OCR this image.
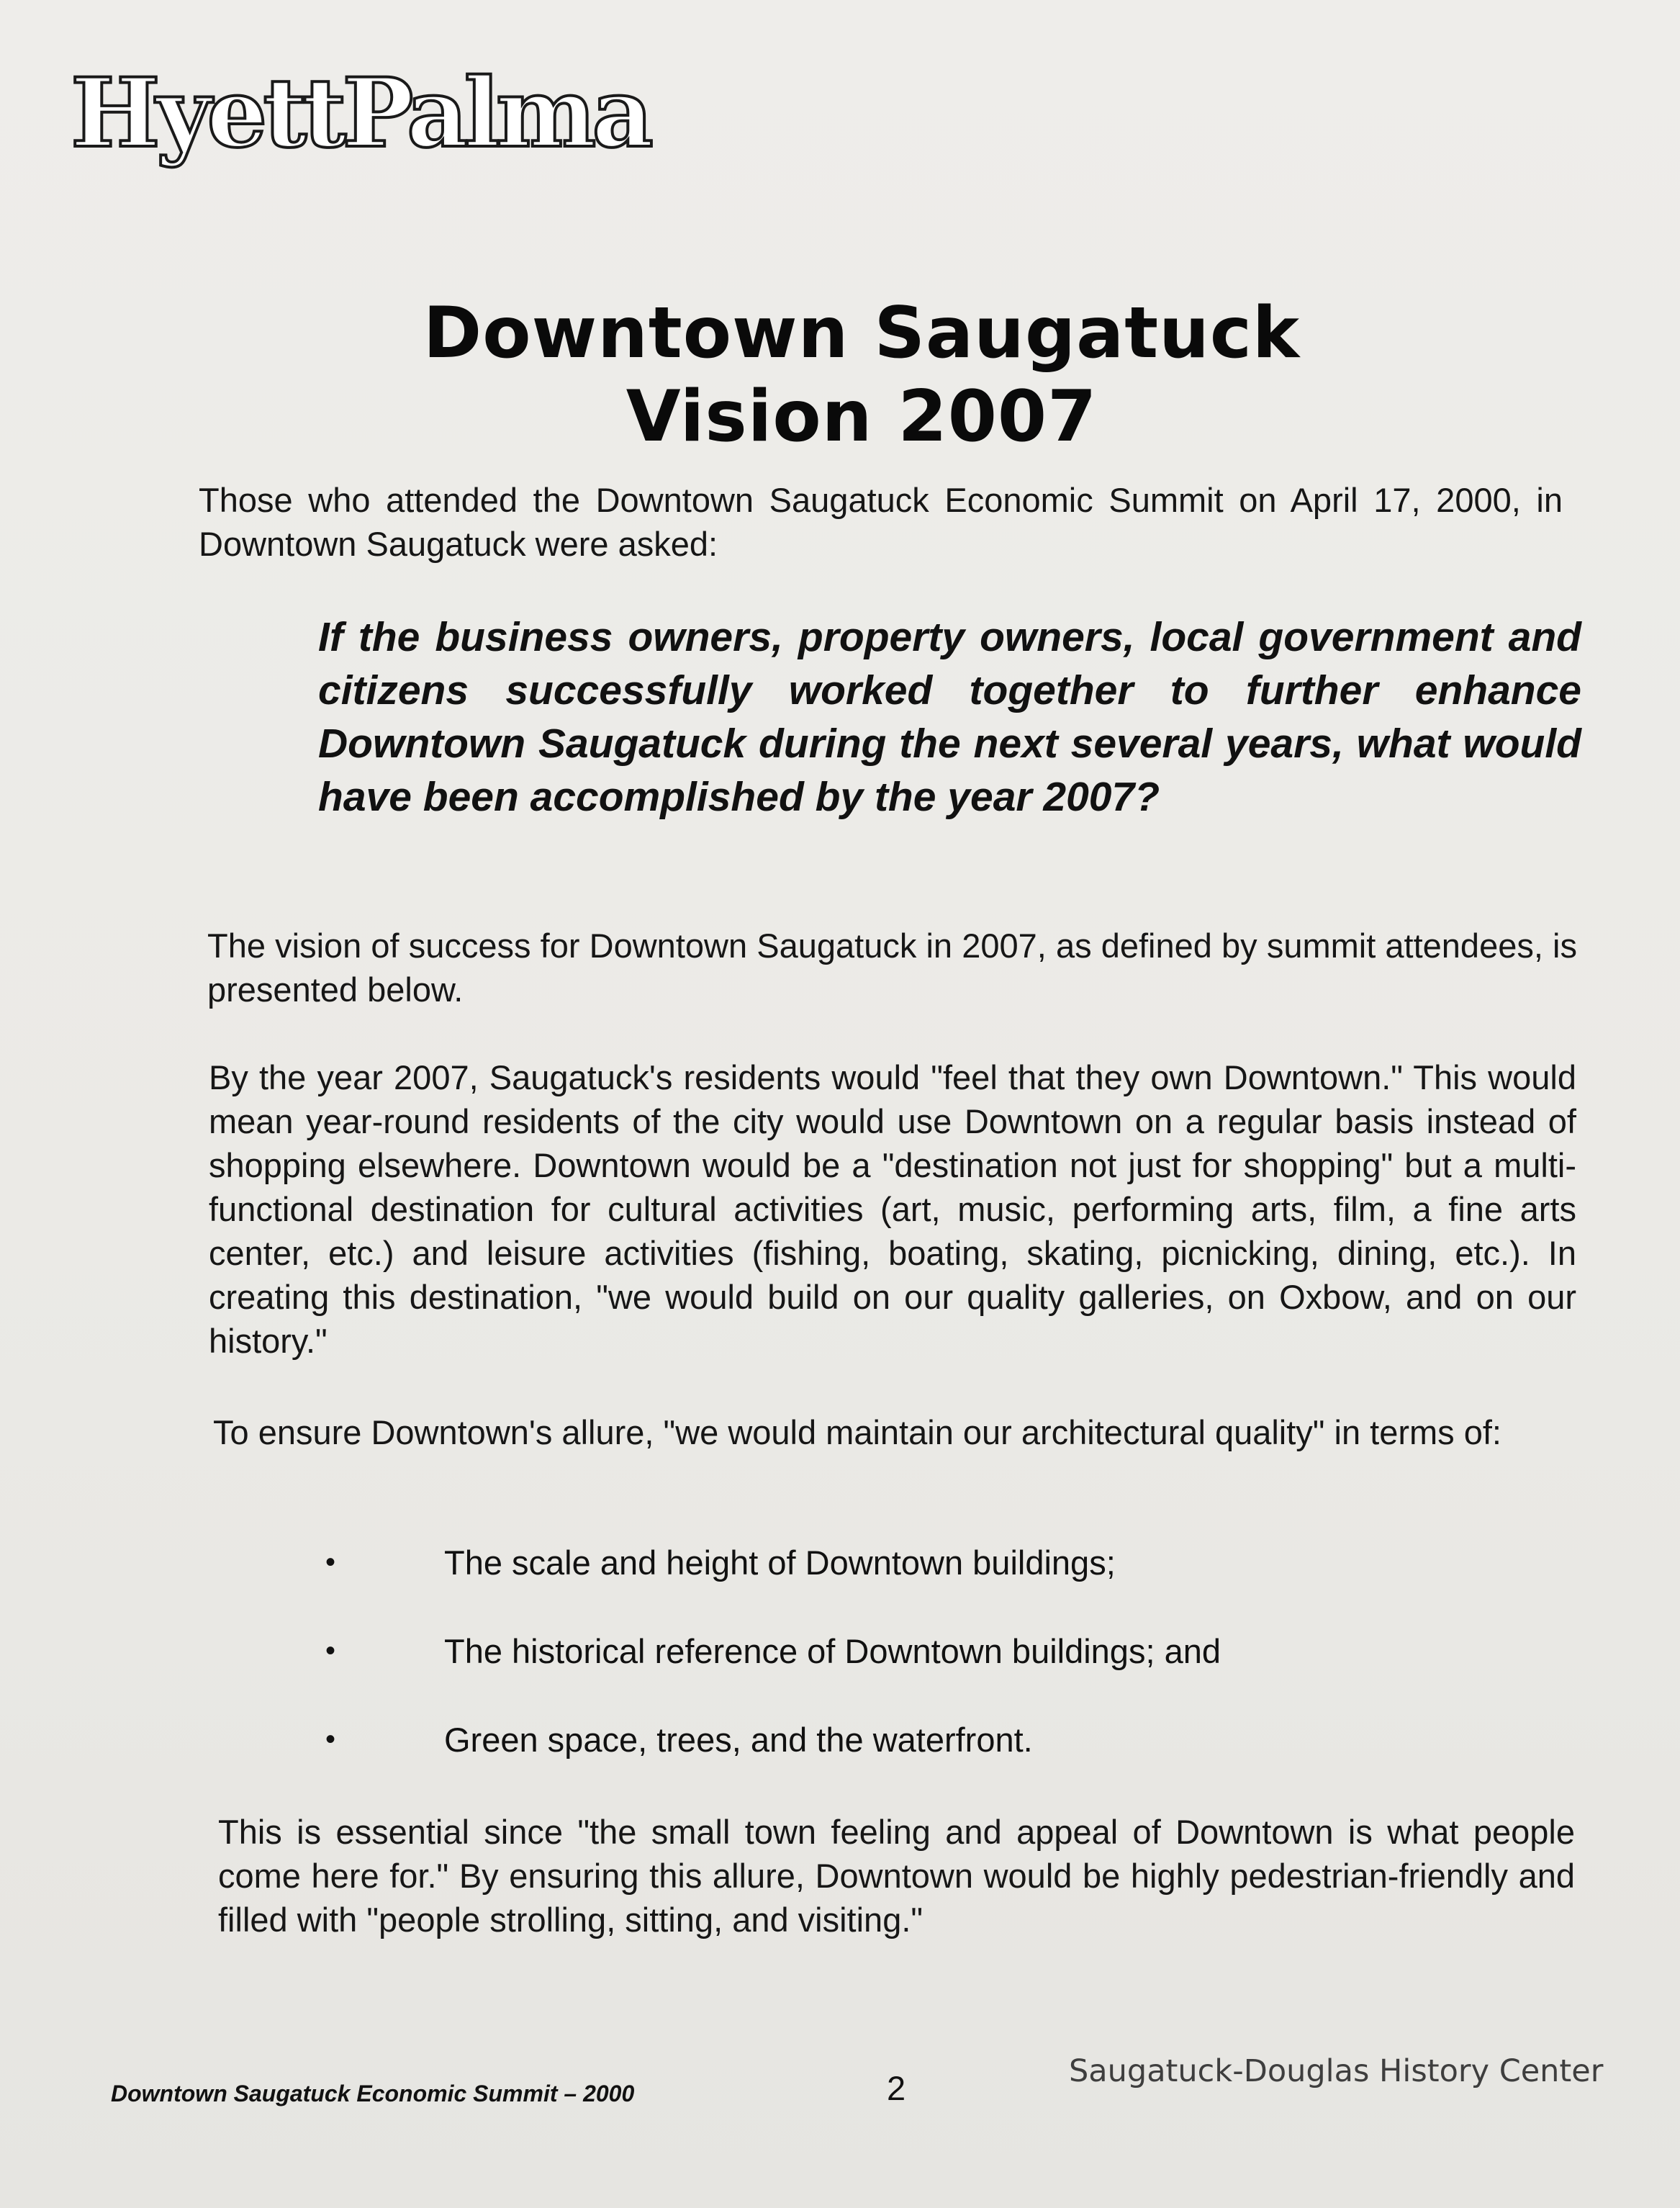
HyettPalma
Downtown Saugatuck
Vision 2007

Those who attended the Downtown Saugatuck Economic Summit on April 17, 2000, in Downtown Saugatuck were asked:

If the business owners, property owners, local government and citizens successfully worked together to further enhance Downtown Saugatuck during the next several years, what would have been accomplished by the year 2007?

The vision of success for Downtown Saugatuck in 2007, as defined by summit attendees, is presented below.

By the year 2007, Saugatuck's residents would "feel that they own Downtown." This would mean year-round residents of the city would use Downtown on a regular basis instead of shopping elsewhere. Downtown would be a "destination not just for shopping" but a multi-functional destination for cultural activities (art, music, performing arts, film, a fine arts center, etc.) and leisure activities (fishing, boating, skating, picnicking, dining, etc.). In creating this destination, "we would build on our quality galleries, on Oxbow, and on our history."

To ensure Downtown's allure, "we would maintain our architectural quality" in terms of:

•	The scale and height of Downtown buildings;
•	The historical reference of Downtown buildings; and
•	Green space, trees, and the waterfront.

This is essential since "the small town feeling and appeal of Downtown is what people come here for." By ensuring this allure, Downtown would be highly pedestrian-friendly and filled with "people strolling, sitting, and visiting."

Downtown Saugatuck Economic Summit – 2000	2	Saugatuck-Douglas History Center
